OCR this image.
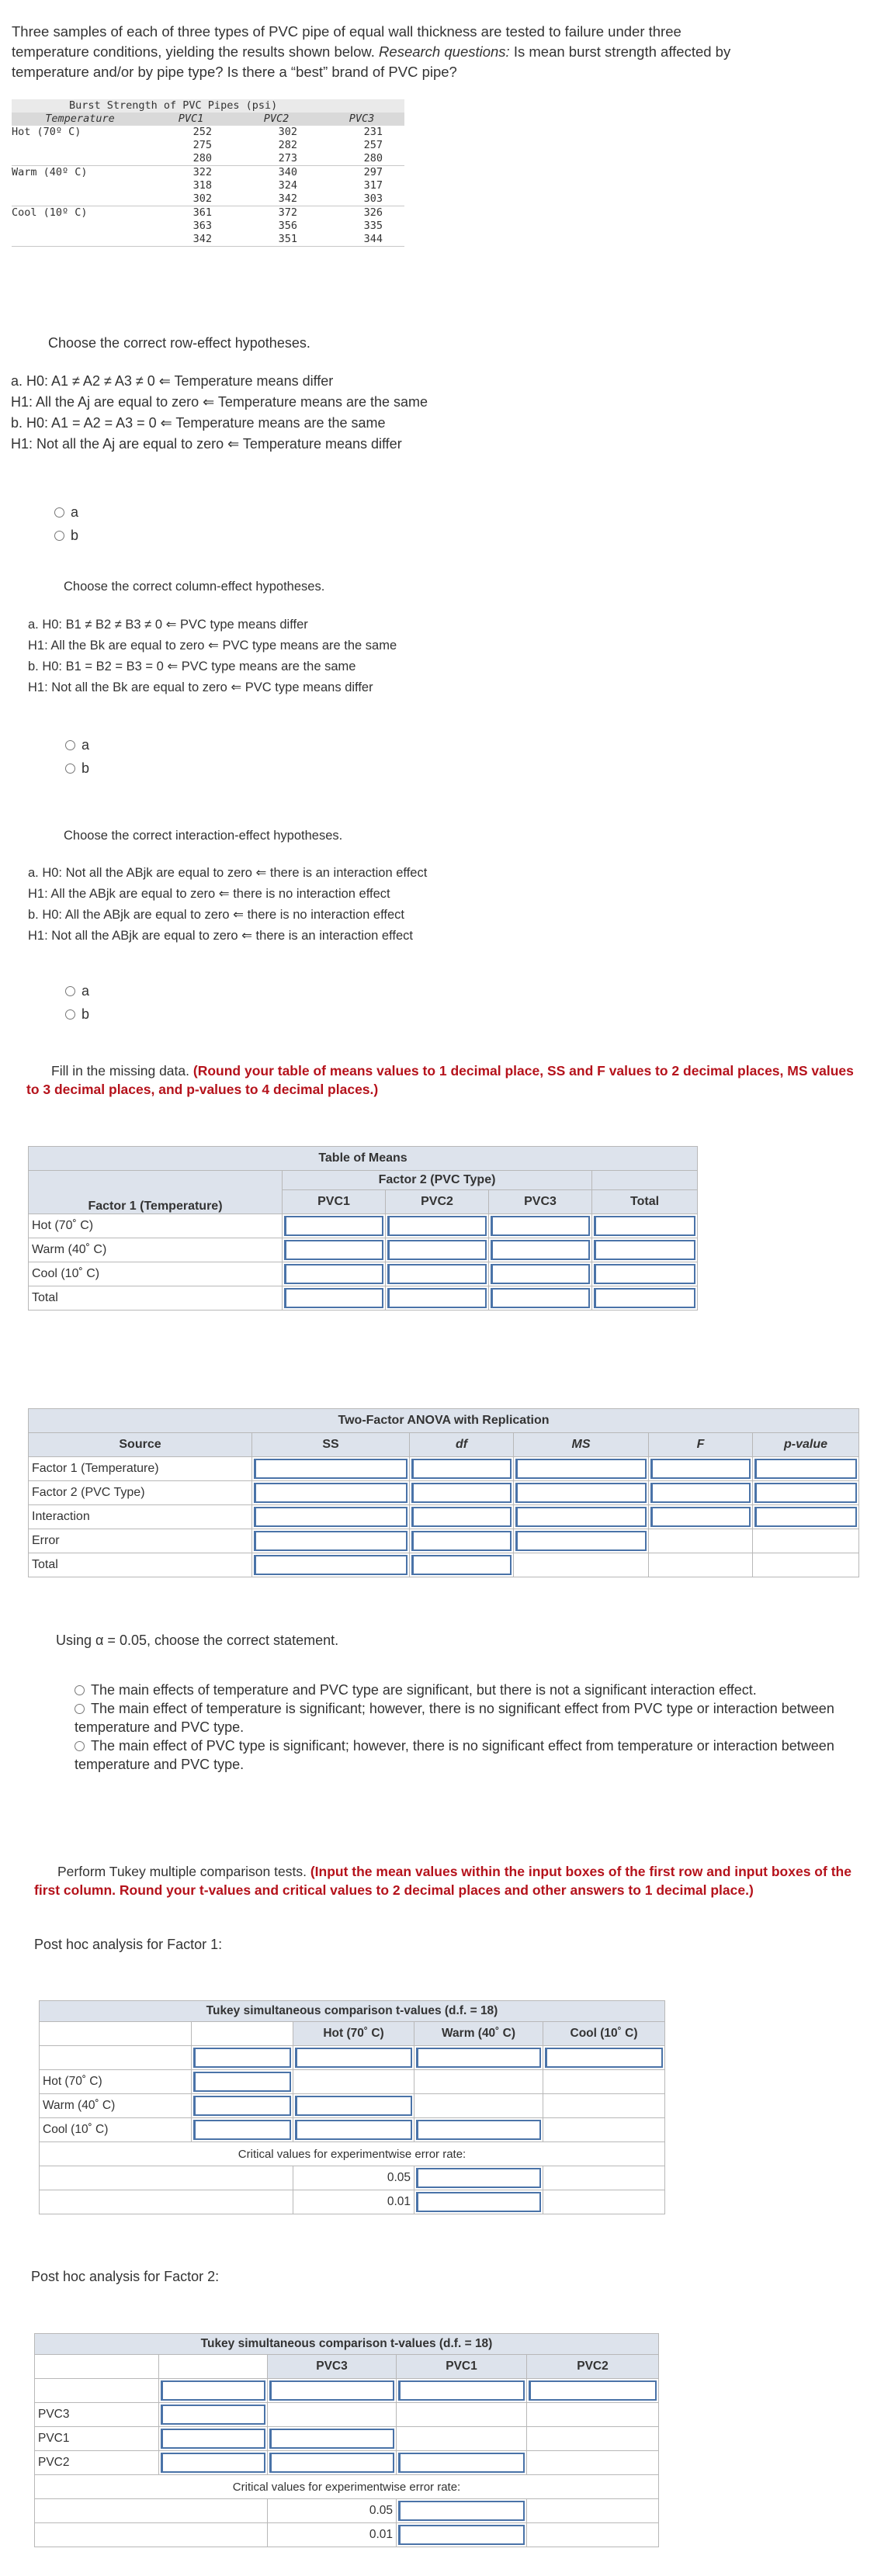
Three samples of each of three types of PVC pipe of equal wall thickness are tested to failure under three
temperature conditions, yielding the results shown below. Research questions: Is mean burst strength affected by
temperature and/or by pipe type? Is there a “best” brand of PVC pipe?
Burst Strength of PVC Pipes (psi)			
Temperature	PVC1	PVC2	PVC3
Hot (70º C)	252	302	231
	275	282	257
	280	273	280
Warm (40º C)	322	340	297
	318	324	317
	302	342	303
Cool (10º C)	361	372	326
	363	356	335
	342	351	344
Choose the correct row-effect hypotheses.
a. H0: A1 ≠ A2 ≠ A3 ≠ 0 ⇐ Temperature means differ
H1: All the Aj are equal to zero ⇐ Temperature means are the same
b. H0: A1 = A2 = A3 = 0 ⇐ Temperature means are the same
H1: Not all the Aj are equal to zero ⇐ Temperature means differ
a
b
Choose the correct column-effect hypotheses.
a. H0: B1 ≠ B2 ≠ B3 ≠ 0 ⇐ PVC type means differ
H1: All the Bk are equal to zero ⇐ PVC type means are the same
b. H0: B1 = B2 = B3 = 0 ⇐ PVC type means are the same
H1: Not all the Bk are equal to zero ⇐ PVC type means differ
a
b
Choose the correct interaction-effect hypotheses.
a. H0: Not all the ABjk are equal to zero ⇐ there is an interaction effect
H1: All the ABjk are equal to zero ⇐ there is no interaction effect
b. H0: All the ABjk are equal to zero ⇐ there is no interaction effect
H1: Not all the ABjk are equal to zero ⇐ there is an interaction effect
a
b
Fill in the missing data. (Round your table of means values to 1 decimal place, SS and F values to 2 decimal places, MS values to 3 decimal places, and p-values to 4 decimal places.)
Table of Means				
Factor 1 (Temperature)	Factor 2 (PVC Type)			
	PVC1	PVC2	PVC3	Total
Hot (70˚ C)	

Warm (40˚ C)	

Cool (10˚ C)	

Total	

Two-Factor ANOVA with Replication					
Source	SS	df	MS	F	p-value
Factor 1 (Temperature)	

Factor 2 (PVC Type)	

Interaction	

Error	

Total	

Using α = 0.05, choose the correct statement.
The main effects of temperature and PVC type are significant, but there is not a significant interaction effect.
The main effect of temperature is significant; however, there is no significant effect from PVC type or interaction between temperature and PVC type.
The main effect of PVC type is significant; however, there is no significant effect from temperature or interaction between temperature and PVC type.
Perform Tukey multiple comparison tests. (Input the mean values within the input boxes of the first row and input boxes of the first column. Round your t-values and critical values to 2 decimal places and other answers to 1 decimal place.)
Post hoc analysis for Factor 1:
Tukey simultaneous comparison t-values (d.f. = 18)				
		Hot (70˚ C)	Warm (40˚ C)	Cool (10˚ C)

Hot (70˚ C)	

Warm (40˚ C)	

Cool (10˚ C)	

Critical values for experimentwise error rate:				
		0.05	

		0.01	

Post hoc analysis for Factor 2:
Tukey simultaneous comparison t-values (d.f. = 18)				
		PVC3	PVC1	PVC2

PVC3	

PVC1	

PVC2	

Critical values for experimentwise error rate:				
		0.05	

		0.01	
